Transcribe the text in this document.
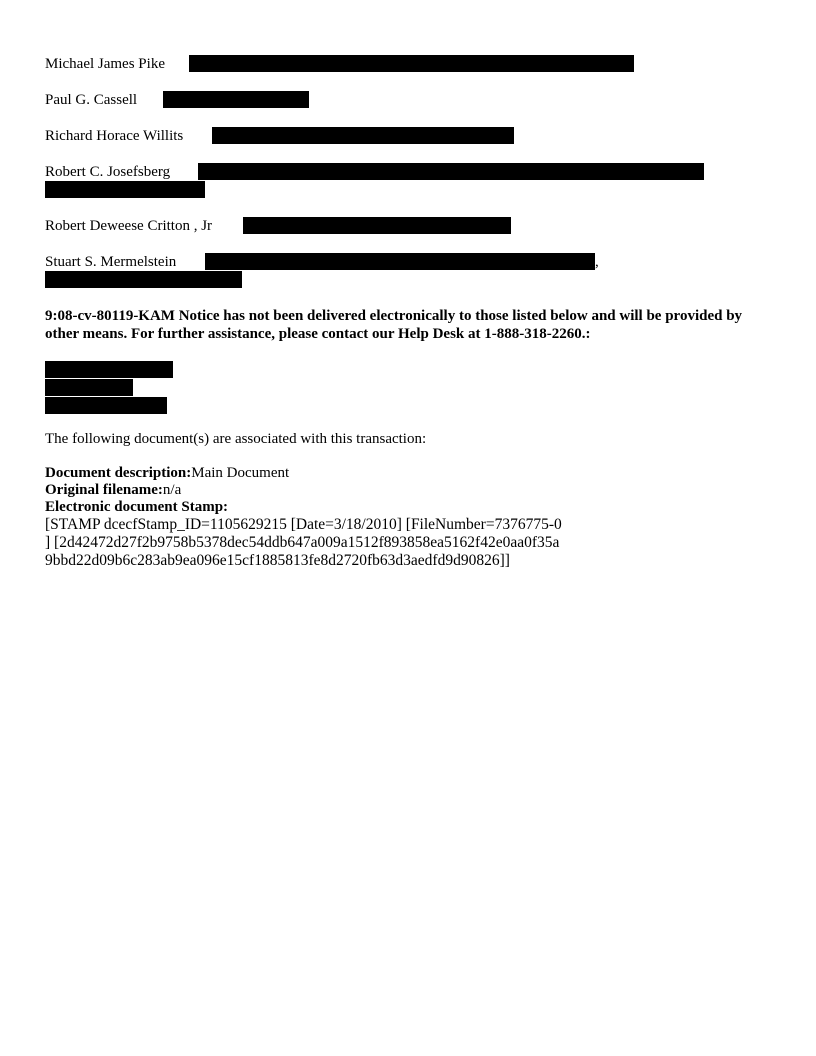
Michael James Pike
Paul G. Cassell
Richard Horace Willits
Robert C. Josefsberg
Robert Deweese Critton , Jr
Stuart S. Mermelstein	,
9:08-cv-80119-KAM Notice has not been delivered electronically to those listed below and will be provided by other means. For further assistance, please contact our Help Desk at 1-888-318-2260.:
The following document(s) are associated with this transaction:
Document description:Main Document
Original filename:n/a
Electronic document Stamp:
[STAMP dcecfStamp_ID=1105629215 [Date=3/18/2010] [FileNumber=7376775-0
] [2d42472d27f2b9758b5378dec54ddb647a009a1512f893858ea5162f42e0aa0f35a
9bbd22d09b6c283ab9ea096e15cf1885813fe8d2720fb63d3aedfd9d90826]]
